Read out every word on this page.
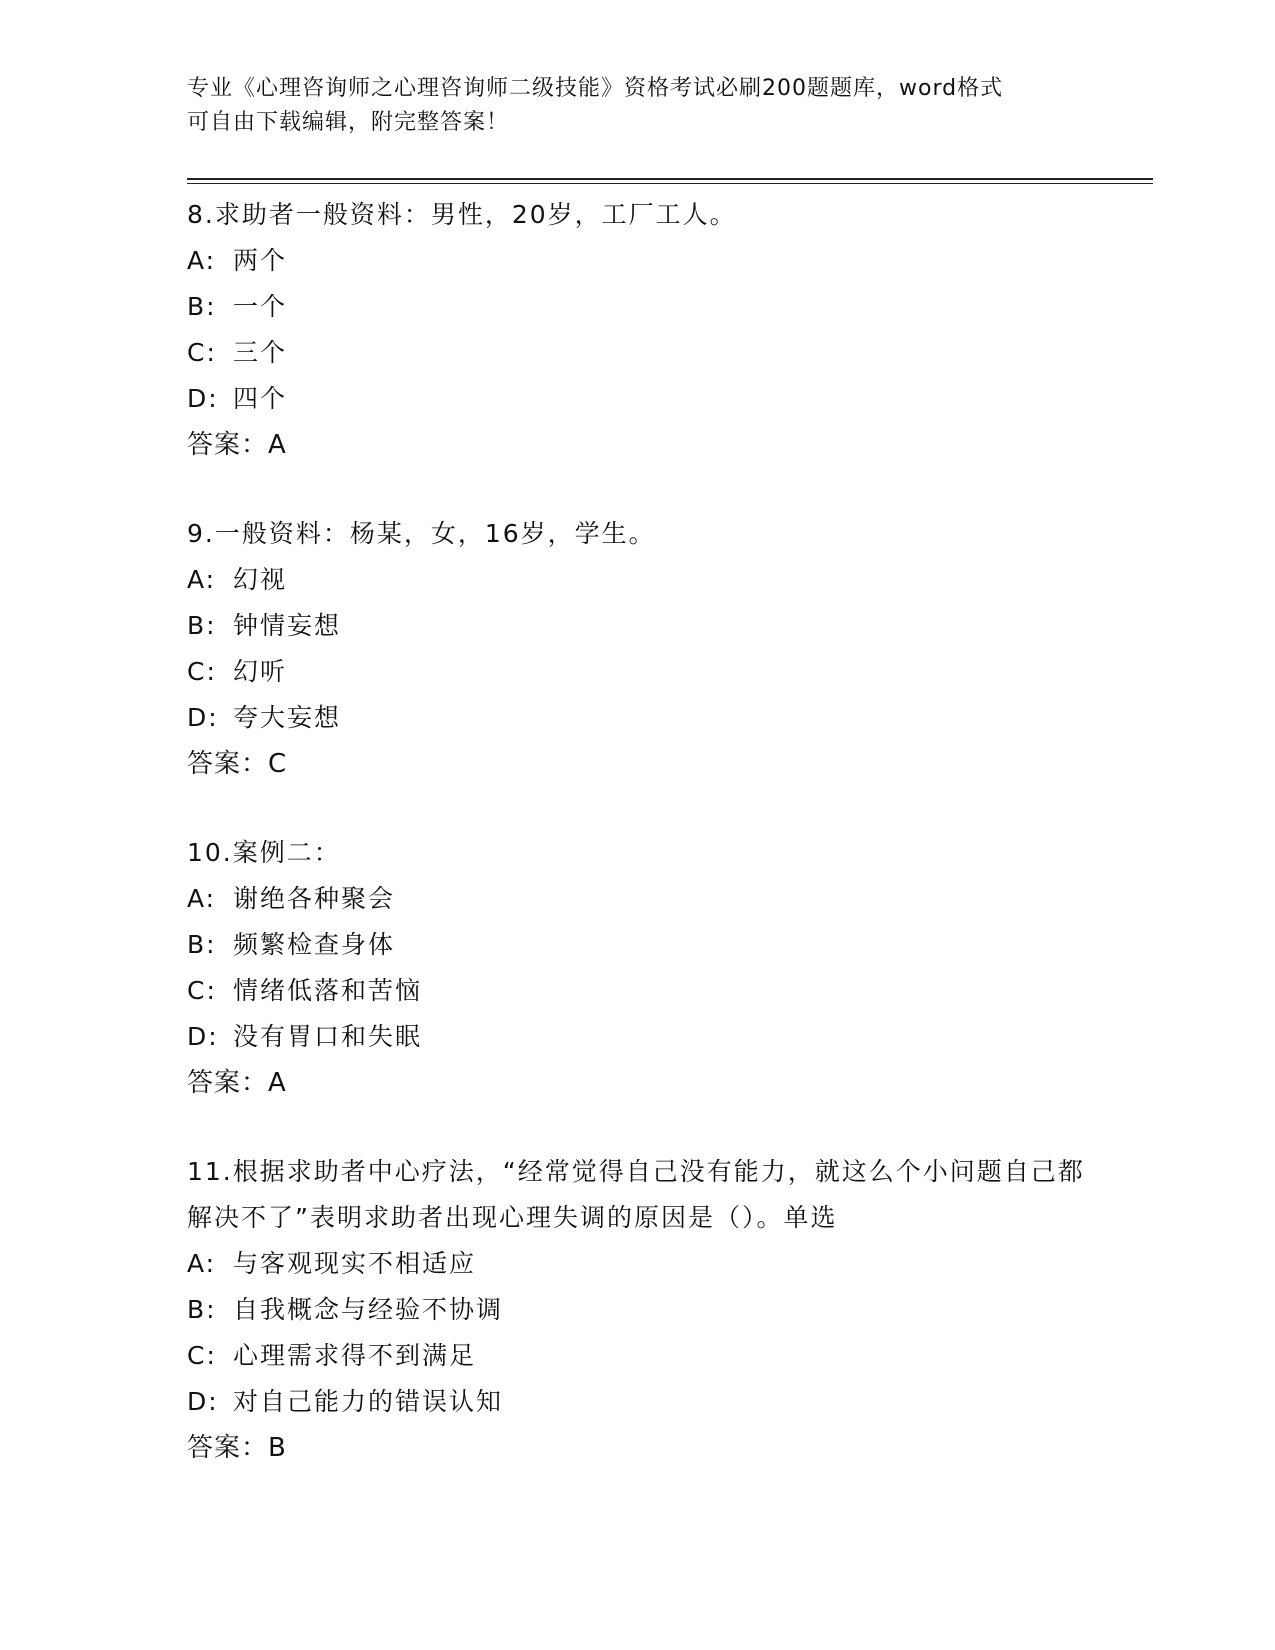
专业《心理咨询师之心理咨询师二级技能》资格考试必刷200题题库，word格式
可自由下载编辑，附完整答案！
8.求助者一般资料：男性，20岁，工厂工人。
A: 两个
B: 一个
C: 三个
D: 四个
答案：A
9.一般资料：杨某，女，16岁，学生。
A: 幻视
B: 钟情妄想
C: 幻听
D: 夸大妄想
答案：C
10.案例二：
A: 谢绝各种聚会
B: 频繁检查身体
C: 情绪低落和苦恼
D: 没有胃口和失眠
答案：A
11.根据求助者中心疗法，“经常觉得自己没有能力，就这么个小问题自己都解决不了”表明求助者出现心理失调的原因是（）。单选
A: 与客观现实不相适应
B: 自我概念与经验不协调
C: 心理需求得不到满足
D: 对自己能力的错误认知
答案：B
